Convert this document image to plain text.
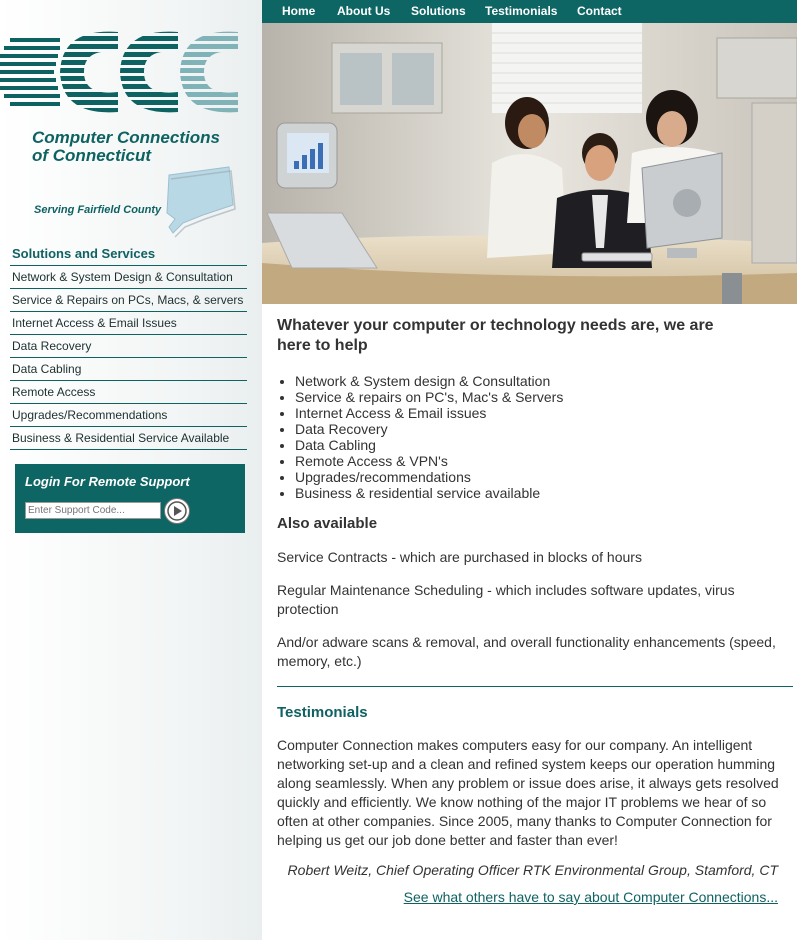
Computer Connections
of Connecticut
Serving Fairfield County
Solutions and Services
Network & System Design & Consultation
Service & Repairs on PCs, Macs, & servers
Internet Access & Email Issues
Data Recovery
Data Cabling
Remote Access
Upgrades/Recommendations
Business & Residential Service Available
Login For Remote Support
Enter Support Code...
Home About Us Solutions Testimonials Contact
Whatever your computer or technology needs are, we are here to help
• Network & System design & Consultation
• Service & repairs on PC's, Mac's & Servers
• Internet Access & Email issues
• Data Recovery
• Data Cabling
• Remote Access & VPN's
• Upgrades/recommendations
• Business & residential service available
Also available

Service Contracts - which are purchased in blocks of hours

Regular Maintenance Scheduling - which includes software updates, virus protection

And/or adware scans & removal, and overall functionality enhancements (speed, memory, etc.)

Testimonials

Computer Connection makes computers easy for our company. An intelligent networking set-up and a clean and refined system keeps our operation humming along seamlessly. When any problem or issue does arise, it always gets resolved quickly and efficiently. We know nothing of the major IT problems we hear of so often at other companies. Since 2005, many thanks to Computer Connection for helping us get our job done better and faster than ever!

Robert Weitz, Chief Operating Officer RTK Environmental Group, Stamford, CT

See what others have to say about Computer Connections...
